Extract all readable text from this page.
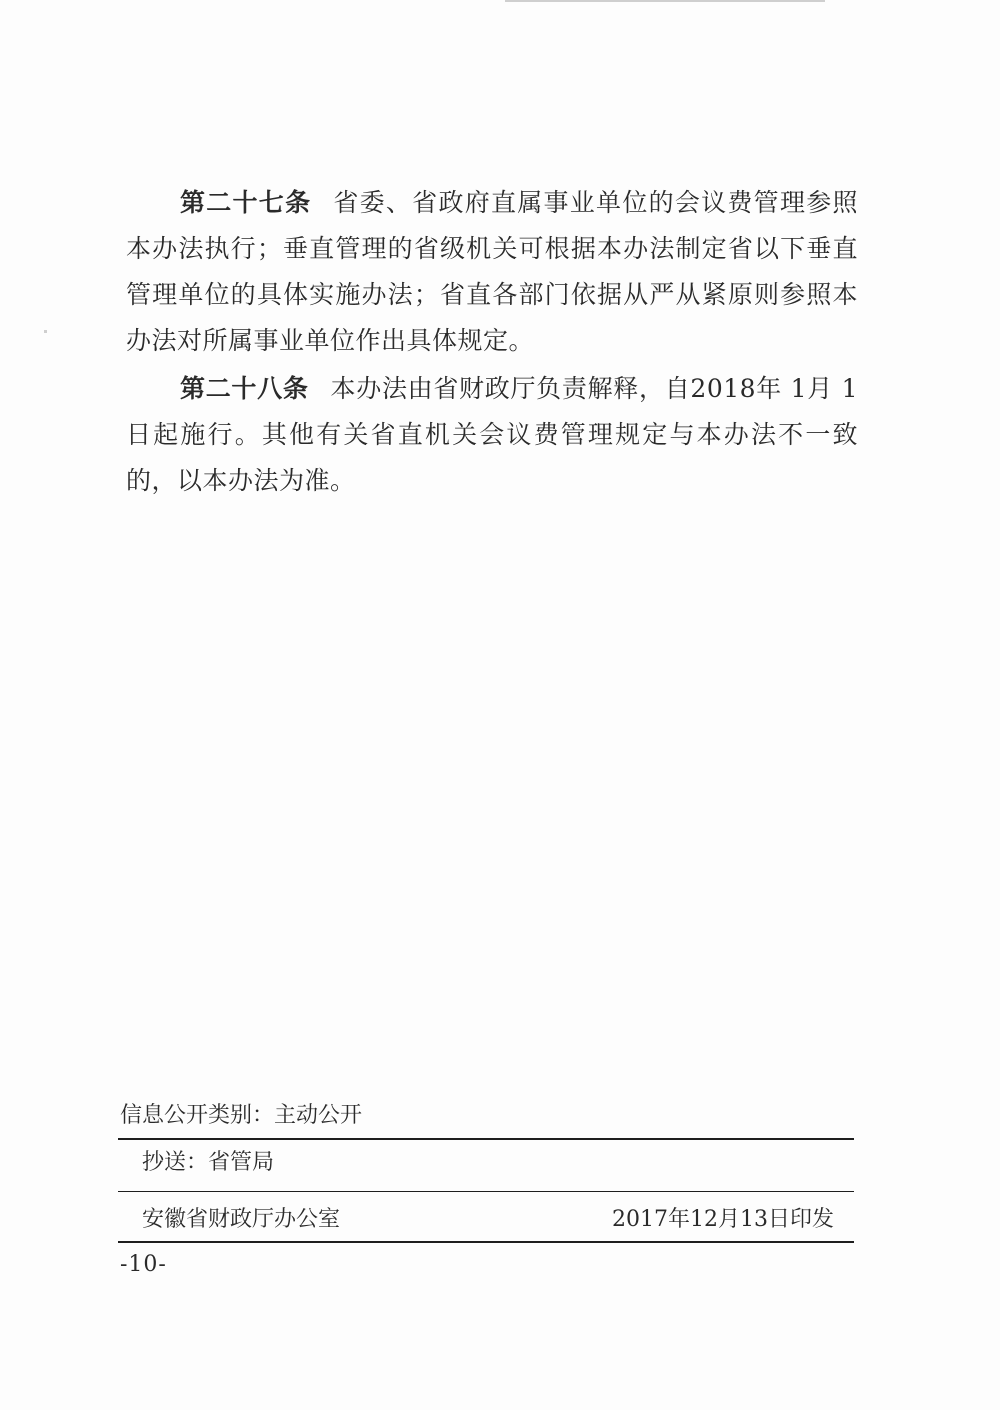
第二十七条 省委、省政府直属事业单位的会议费管理参照本办法执行；垂直管理的省级机关可根据本办法制定省以下垂直管理单位的具体实施办法；省直各部门依据从严从紧原则参照本办法对所属事业单位作出具体规定。

第二十八条 本办法由省财政厅负责解释，自2018年 1月 1日起施行。其他有关省直机关会议费管理规定与本办法不一致的，以本办法为准。

信息公开类别：主动公开
抄送：省管局
安徽省财政厅办公室	2017年12月13日印发
-10-
